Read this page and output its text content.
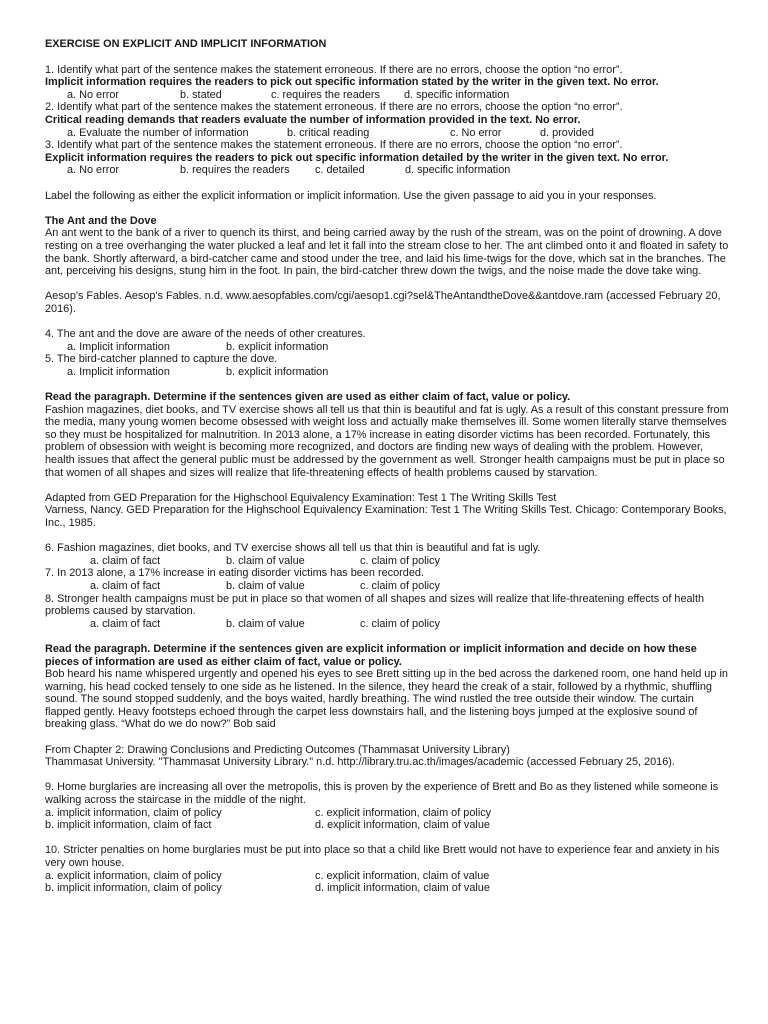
EXERCISE ON EXPLICIT AND IMPLICIT INFORMATION

1. Identify what part of the sentence makes the statement erroneous. If there are no errors, choose the option “no error”.

Implicit information requires the readers to pick out specific information stated by the writer in the given text. No error.

a. No error	b. stated	c. requires the readers d. specific information

2. Identify what part of the sentence makes the statement erroneous. If there are no errors, choose the option “no error”.

Critical reading demands that readers evaluate the number of information provided in the text. No error.

a. Evaluate the number of information	b. critical reading	c. No error	d. provided

3. Identify what part of the sentence makes the statement erroneous. If there are no errors, choose the option “no error”.

Explicit information requires the readers to pick out specific information detailed by the writer in the given text. No error.

a. No error	b. requires the readers c. detailed	d. specific information

Label the following as either the explicit information or implicit information. Use the given passage to aid you in your responses.

The Ant and the Dove

An ant went to the bank of a river to quench its thirst, and being carried away by the rush of the stream, was on the point of drowning. A dove resting on a tree overhanging the water plucked a leaf and let it fall into the stream close to her. The ant climbed onto it and floated in safety to the bank. Shortly afterward, a bird-catcher came and stood under the tree, and laid his lime-twigs for the dove, which sat in the branches. The ant, perceiving his designs, stung him in the foot. In pain, the bird-catcher threw down the twigs, and the noise made the dove take wing.

Aesop's Fables. Aesop's Fables. n.d. www.aesopfables.com/cgi/aesop1.cgi?sel&TheAntandtheDove&&antdove.ram (accessed February 20, 2016).

4. The ant and the dove are aware of the needs of other creatures.

a. Implicit information	b. explicit information

5. The bird-catcher planned to capture the dove.

a. Implicit information	b. explicit information

Read the paragraph. Determine if the sentences given are used as either claim of fact, value or policy.

Fashion magazines, diet books, and TV exercise shows all tell us that thin is beautiful and fat is ugly. As a result of this constant pressure from the media, many young women become obsessed with weight loss and actually make themselves ill. Some women literally starve themselves so they must be hospitalized for malnutrition. In 2013 alone, a 17% increase in eating disorder victims has been recorded. Fortunately, this problem of obsession with weight is becoming more recognized, and doctors are finding new ways of dealing with the problem. However, health issues that affect the general public must be addressed by the government as well. Stronger health campaigns must be put in place so that women of all shapes and sizes will realize that life-threatening effects of health problems caused by starvation.

Adapted from GED Preparation for the Highschool Equivalency Examination: Test 1 The Writing Skills Test

Varness, Nancy. GED Preparation for the Highschool Equivalency Examination: Test 1 The Writing Skills Test. Chicago: Contemporary Books, Inc., 1985.

6. Fashion magazines, diet books, and TV exercise shows all tell us that thin is beautiful and fat is ugly.

a. claim of fact	b. claim of value	c. claim of policy

7. In 2013 alone, a 17% increase in eating disorder victims has been recorded.

a. claim of fact	b. claim of value	c. claim of policy

8. Stronger health campaigns must be put in place so that women of all shapes and sizes will realize that life-threatening effects of health problems caused by starvation.

a. claim of fact	b. claim of value	c. claim of policy

Read the paragraph. Determine if the sentences given are explicit information or implicit information and decide on how these pieces of information are used as either claim of fact, value or policy.

Bob heard his name whispered urgently and opened his eyes to see Brett sitting up in the bed across the darkened room, one hand held up in warning, his head cocked tensely to one side as he listened. In the silence, they heard the creak of a stair, followed by a rhythmic, shuffling sound. The sound stopped suddenly, and the boys waited, hardly breathing. The wind rustled the tree outside their window. The curtain flapped gently. Heavy footsteps echoed through the carpet less downstairs hall, and the listening boys jumped at the explosive sound of breaking glass. “What do we do now?” Bob said

From Chapter 2: Drawing Conclusions and Predicting Outcomes (Thammasat University Library)

Thammasat University. "Thammasat University Library." n.d. http://library.tru.ac.th/images/academic (accessed February 25, 2016).

9. Home burglaries are increasing all over the metropolis, this is proven by the experience of Brett and Bo as they listened while someone is walking across the staircase in the middle of the night.

a. implicit information, claim of policy	c. explicit information, claim of policy
b. implicit information, claim of fact	d. explicit information, claim of value

10. Stricter penalties on home burglaries must be put into place so that a child like Brett would not have to experience fear and anxiety in his very own house.

a. explicit information, claim of policy	c. explicit information, claim of value
b. implicit information, claim of policy	d. implicit information, claim of value
